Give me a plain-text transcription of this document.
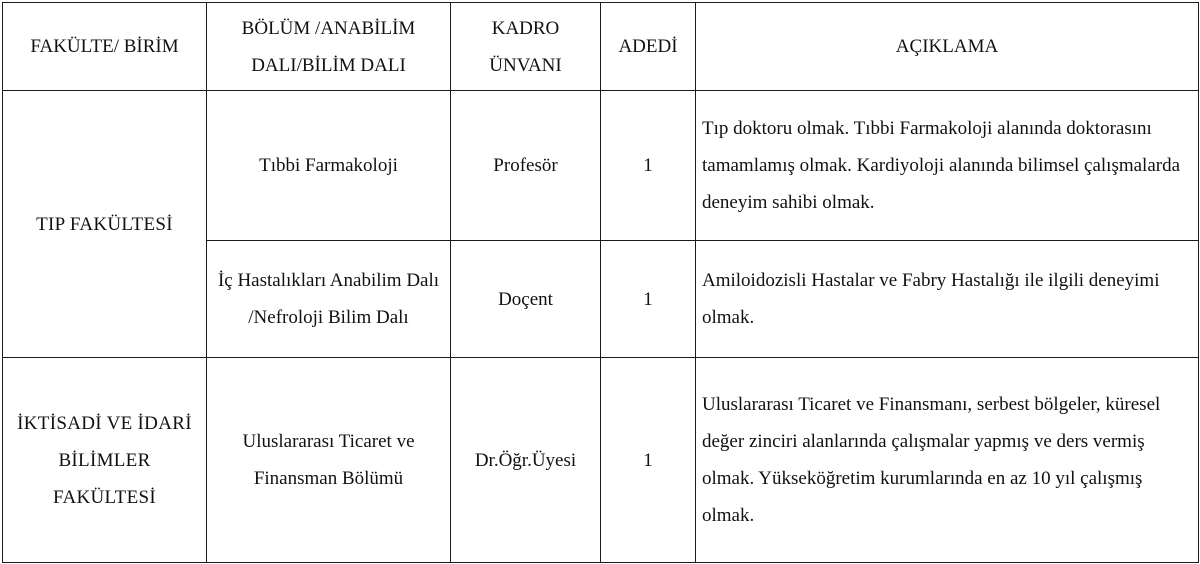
FAKÜLTE/ BİRİM	BÖLÜM /ANABİLİM DALI/BİLİM DALI	KADRO ÜNVANI	ADEDİ	AÇIKLAMA
TIP FAKÜLTESİ	Tıbbi Farmakoloji	Profesör	1	Tıp doktoru olmak. Tıbbi Farmakoloji alanında doktorasını tamamlamış olmak. Kardiyoloji alanında bilimsel çalışmalarda deneyim sahibi olmak.
	İç Hastalıkları Anabilim Dalı /Nefroloji Bilim Dalı	Doçent	1	Amiloidozisli Hastalar ve Fabry Hastalığı ile ilgili deneyimi olmak.
İKTİSADİ VE İDARİ BİLİMLER FAKÜLTESİ	Uluslararası Ticaret ve Finansman Bölümü	Dr.Öğr.Üyesi	1	Uluslararası Ticaret ve Finansmanı, serbest bölgeler, küresel değer zinciri alanlarında çalışmalar yapmış ve ders vermiş olmak. Yükseköğretim kurumlarında en az 10 yıl çalışmış olmak.
